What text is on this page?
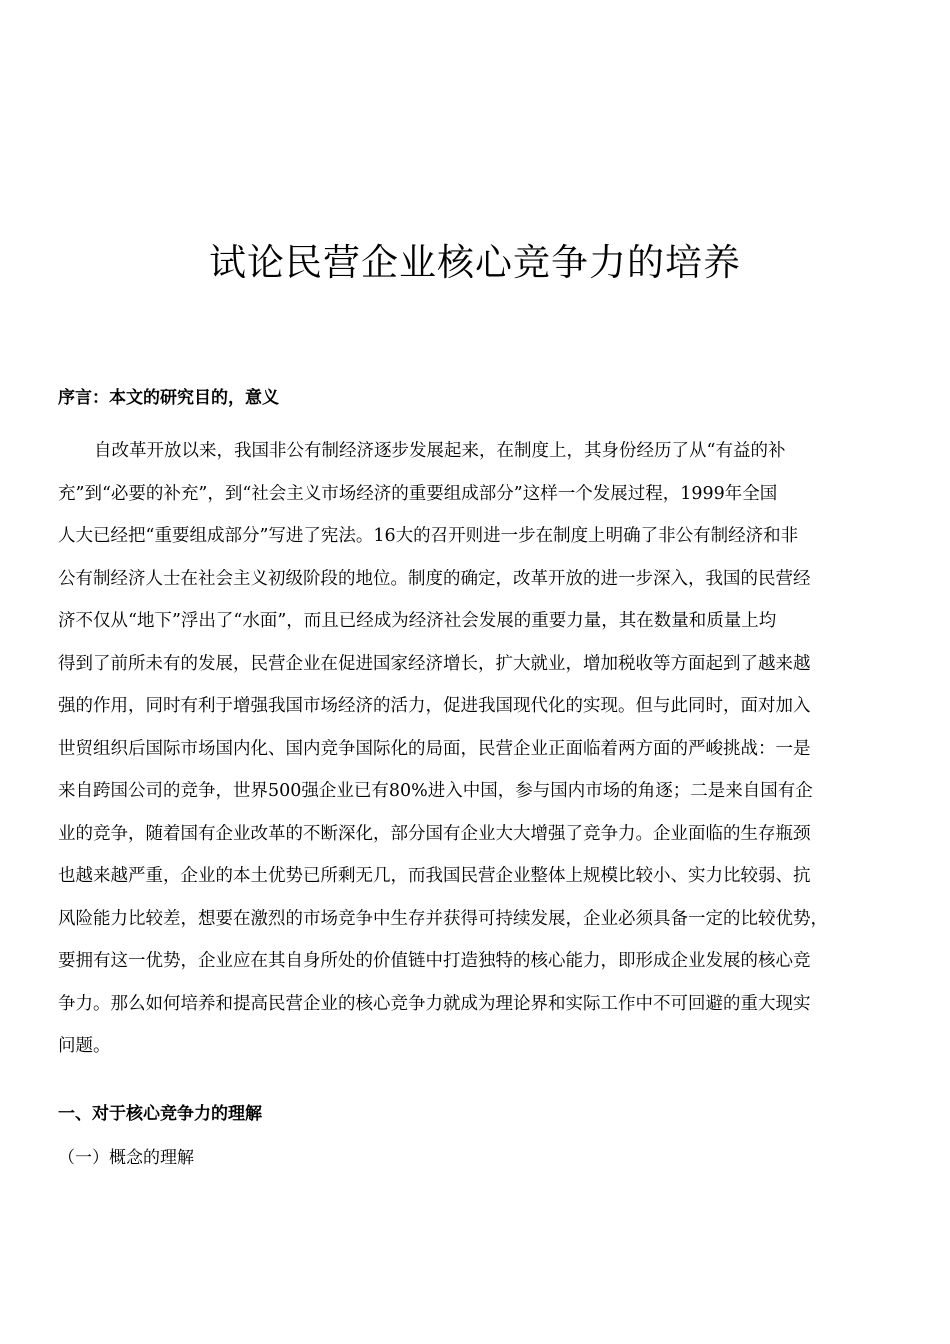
试论民营企业核心竞争力的培养
序言：本文的研究目的，意义
自改革开放以来，我国非公有制经济逐步发展起来，在制度上，其身份经历了从“有益的补
充”到“必要的补充”，到“社会主义市场经济的重要组成部分”这样一个发展过程，1999年全国
人大已经把“重要组成部分”写进了宪法。16大的召开则进一步在制度上明确了非公有制经济和非
公有制经济人士在社会主义初级阶段的地位。制度的确定，改革开放的进一步深入，我国的民营经
济不仅从“地下”浮出了“水面”，而且已经成为经济社会发展的重要力量，其在数量和质量上均
得到了前所未有的发展，民营企业在促进国家经济增长，扩大就业，增加税收等方面起到了越来越
强的作用，同时有利于增强我国市场经济的活力，促进我国现代化的实现。但与此同时，面对加入
世贸组织后国际市场国内化、国内竞争国际化的局面，民营企业正面临着两方面的严峻挑战：一是
来自跨国公司的竞争，世界500强企业已有80%进入中国，参与国内市场的角逐；二是来自国有企
业的竞争，随着国有企业改革的不断深化，部分国有企业大大增强了竞争力。企业面临的生存瓶颈
也越来越严重，企业的本土优势已所剩无几，而我国民营企业整体上规模比较小、实力比较弱、抗
风险能力比较差，想要在激烈的市场竞争中生存并获得可持续发展，企业必须具备一定的比较优势，
要拥有这一优势，企业应在其自身所处的价值链中打造独特的核心能力，即形成企业发展的核心竞
争力。那么如何培养和提高民营企业的核心竞争力就成为理论界和实际工作中不可回避的重大现实
问题。
一、对于核心竞争力的理解
（一）概念的理解
